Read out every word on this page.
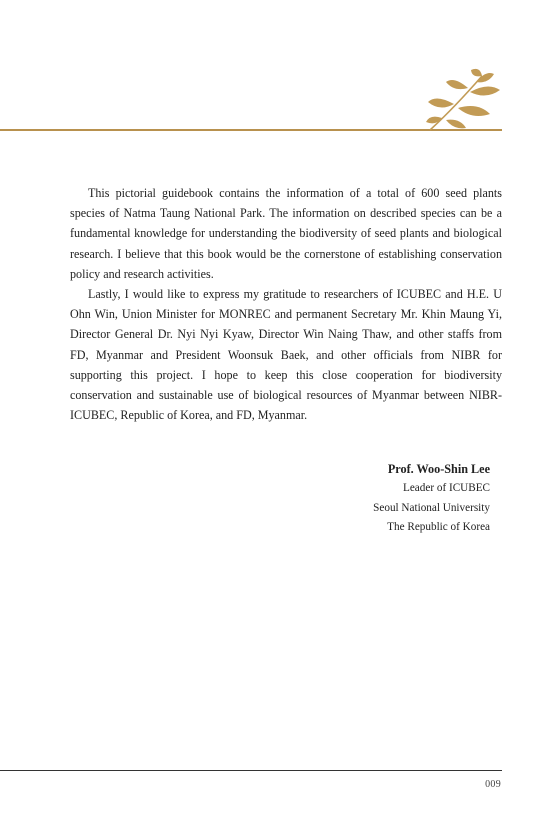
This pictorial guidebook contains the information of a total of 600 seed plants species of Natma Taung National Park. The information on described species can be a fundamental knowledge for understanding the biodiversity of seed plants and biological research. I believe that this book would be the cornerstone of establishing conservation policy and research activities.

Lastly, I would like to express my gratitude to researchers of ICUBEC and H.E. U Ohn Win, Union Minister for MONREC and permanent Secretary Mr. Khin Maung Yi, Director General Dr. Nyi Nyi Kyaw, Director Win Naing Thaw, and other staffs from FD, Myanmar and President Woonsuk Baek, and other officials from NIBR for supporting this project. I hope to keep this close cooperation for biodiversity conservation and sustainable use of biological resources of Myanmar between NIBR-ICUBEC, Republic of Korea, and FD, Myanmar.

Prof. Woo-Shin Lee
Leader of ICUBEC
Seoul National University
The Republic of Korea
009
